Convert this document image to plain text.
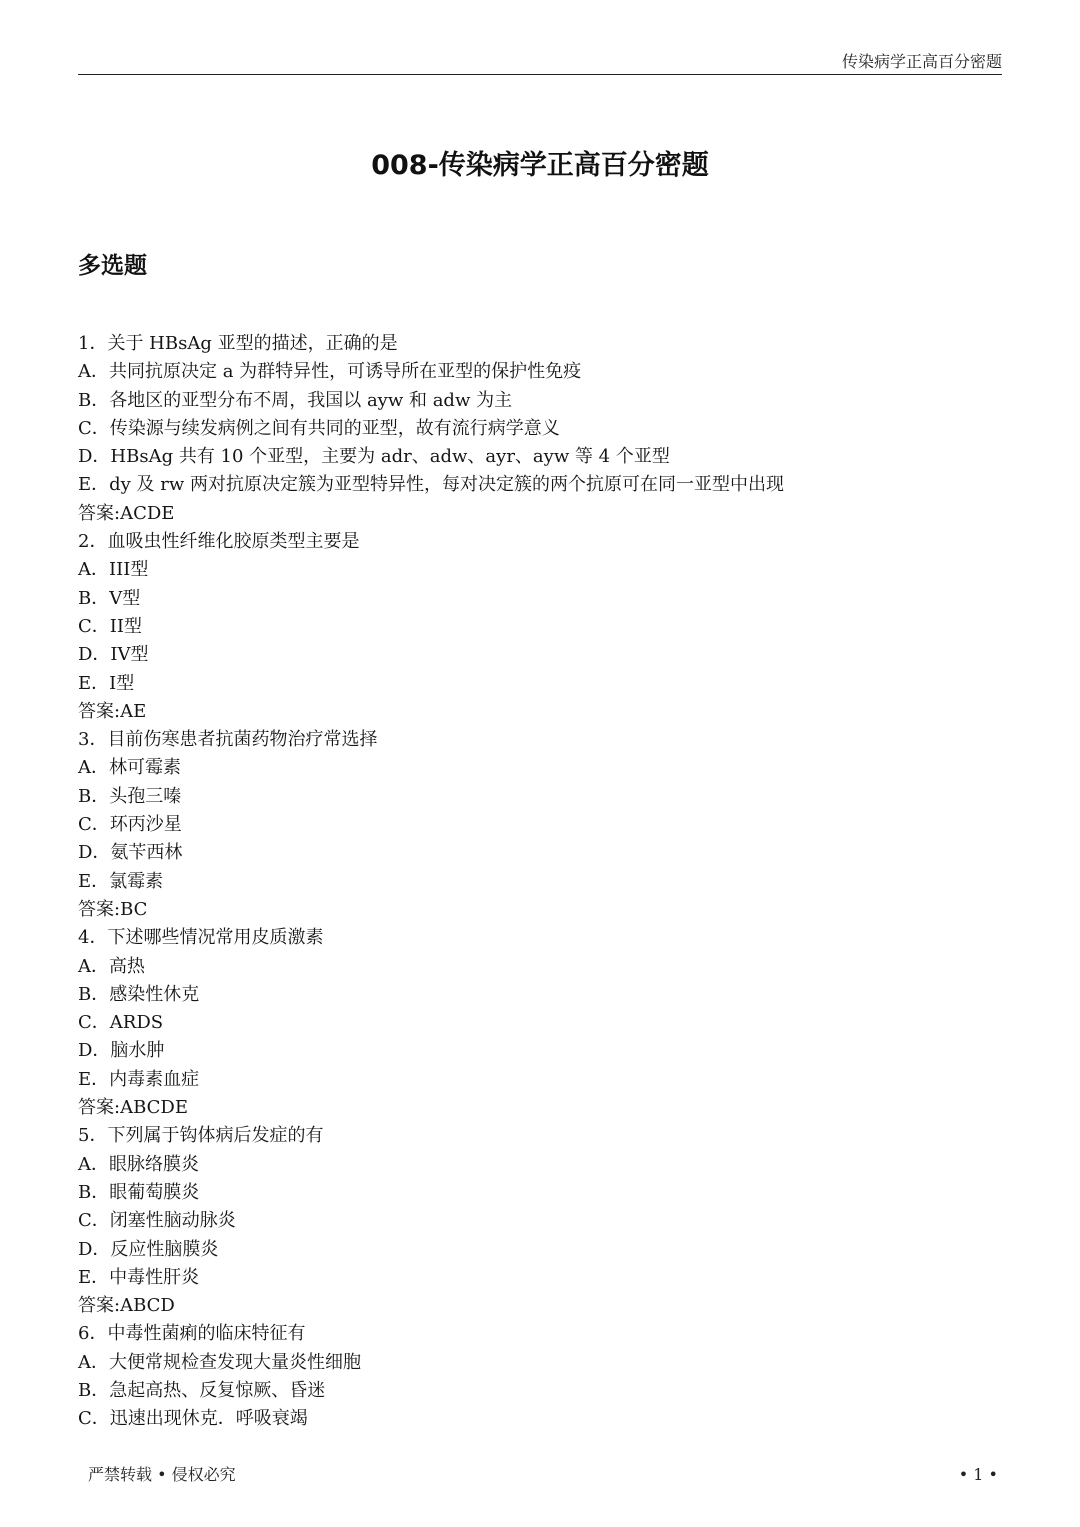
传染病学正高百分密题
008-传染病学正高百分密题
多选题
1．关于 HBsAg 亚型的描述，正确的是
A．共同抗原决定 a 为群特异性，可诱导所在亚型的保护性免疫
B．各地区的亚型分布不周，我国以 ayw 和 adw 为主
C．传染源与续发病例之间有共同的亚型，故有流行病学意义
D．HBsAg 共有 10 个亚型，主要为 adr、adw、ayr、ayw 等 4 个亚型
E．dy 及 rw 两对抗原决定簇为亚型特异性，每对决定簇的两个抗原可在同一亚型中出现
答案:ACDE
2．血吸虫性纤维化胶原类型主要是
A．III型
B．V型
C．II型
D．IV型
E．I型
答案:AE
3．目前伤寒患者抗菌药物治疗常选择
A．林可霉素
B．头孢三嗪
C．环丙沙星
D．氨苄西林
E．氯霉素
答案:BC
4．下述哪些情况常用皮质激素
A．高热
B．感染性休克
C．ARDS
D．脑水肿
E．内毒素血症
答案:ABCDE
5．下列属于钩体病后发症的有
A．眼脉络膜炎
B．眼葡萄膜炎
C．闭塞性脑动脉炎
D．反应性脑膜炎
E．中毒性肝炎
答案:ABCD
6．中毒性菌痢的临床特征有
A．大便常规检查发现大量炎性细胞
B．急起高热、反复惊厥、昏迷
C．迅速出现休克．呼吸衰竭
严禁转载 • 侵权必究	• 1 •
